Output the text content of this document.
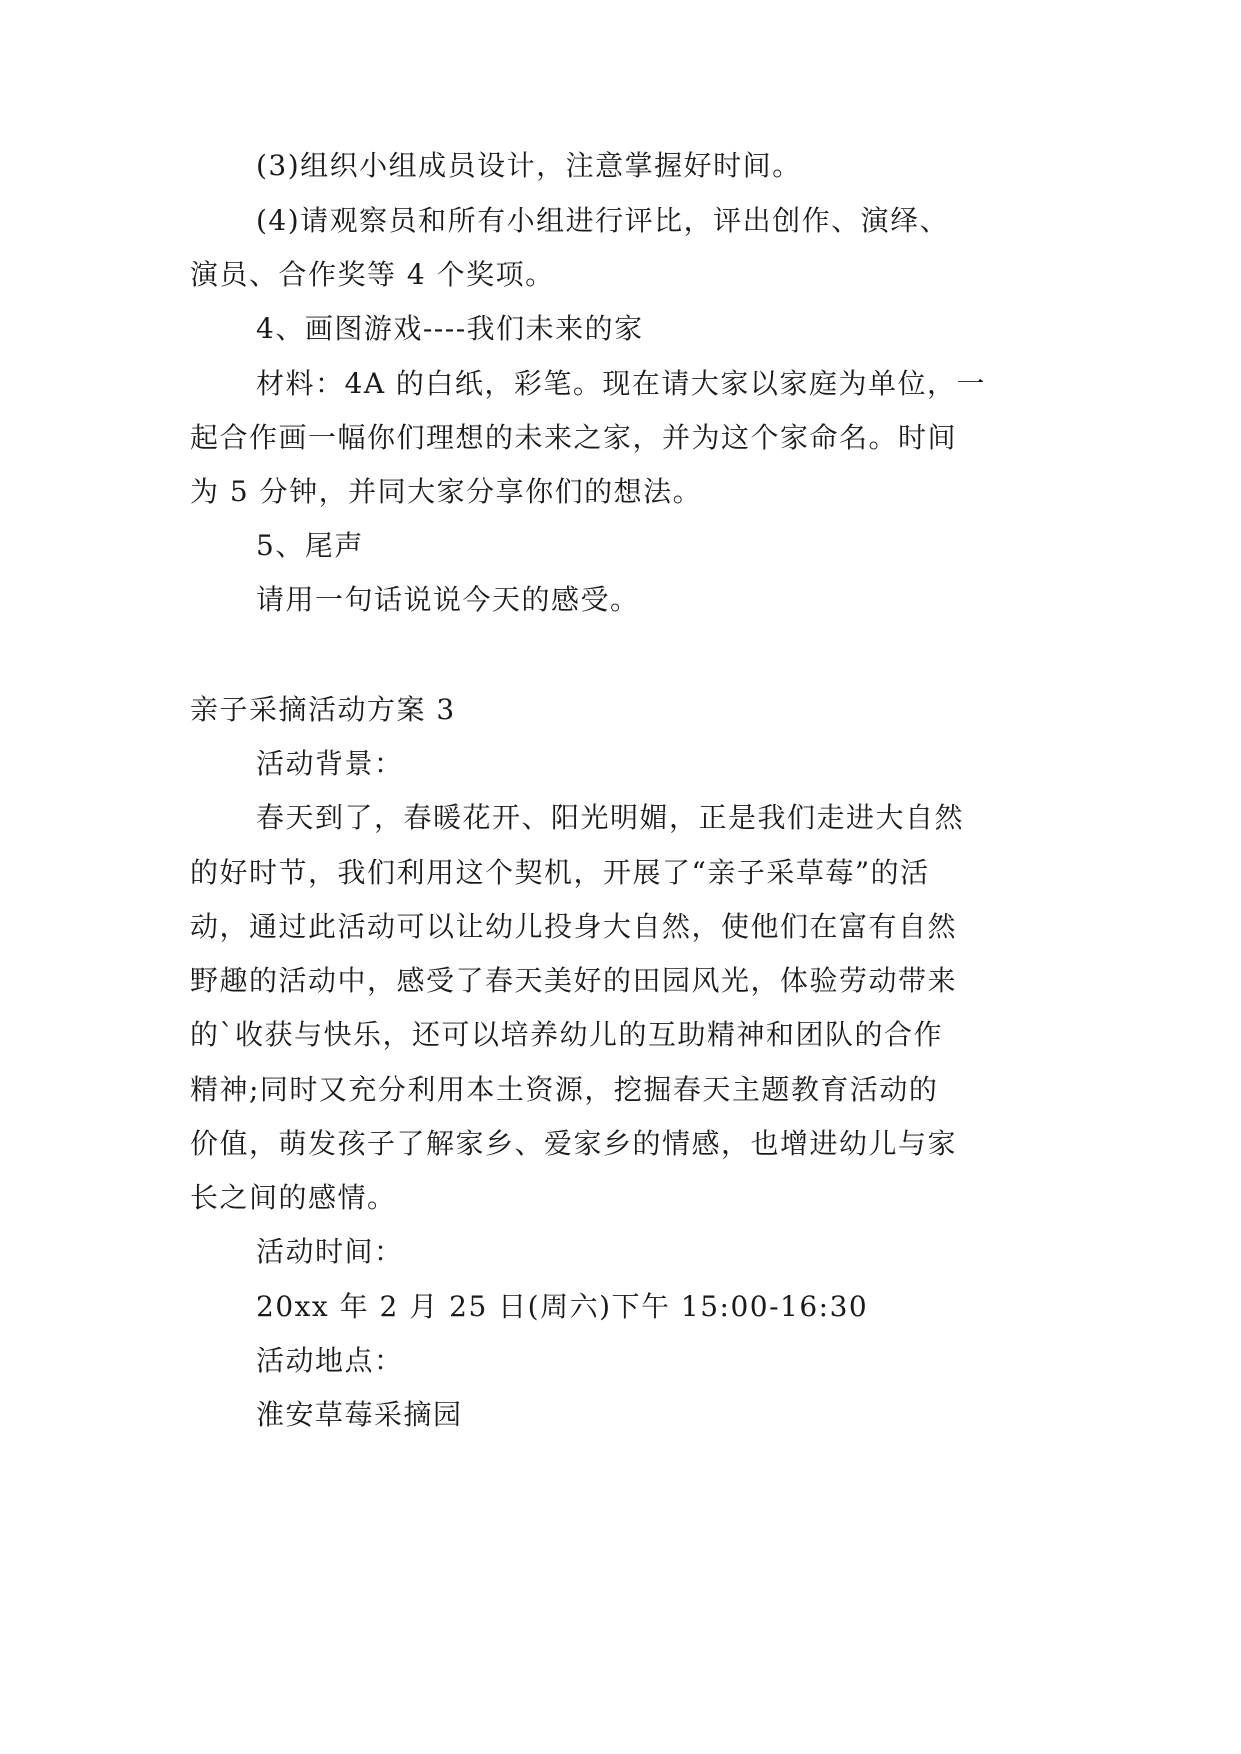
(3)组织小组成员设计，注意掌握好时间。
(4)请观察员和所有小组进行评比，评出创作、演绎、
演员、合作奖等 4 个奖项。
4、画图游戏----我们未来的家
材料：4A 的白纸，彩笔。现在请大家以家庭为单位，一
起合作画一幅你们理想的未来之家，并为这个家命名。时间
为 5 分钟，并同大家分享你们的想法。
5、尾声
请用一句话说说今天的感受。
亲子采摘活动方案 3
活动背景：
春天到了，春暖花开、阳光明媚，正是我们走进大自然
的好时节，我们利用这个契机，开展了“亲子采草莓”的活
动，通过此活动可以让幼儿投身大自然，使他们在富有自然
野趣的活动中，感受了春天美好的田园风光，体验劳动带来
的`收获与快乐，还可以培养幼儿的互助精神和团队的合作
精神;同时又充分利用本土资源，挖掘春天主题教育活动的
价值，萌发孩子了解家乡、爱家乡的情感，也增进幼儿与家
长之间的感情。
活动时间：
20xx 年 2 月 25 日(周六)下午 15:00-16:30
活动地点：
淮安草莓采摘园
